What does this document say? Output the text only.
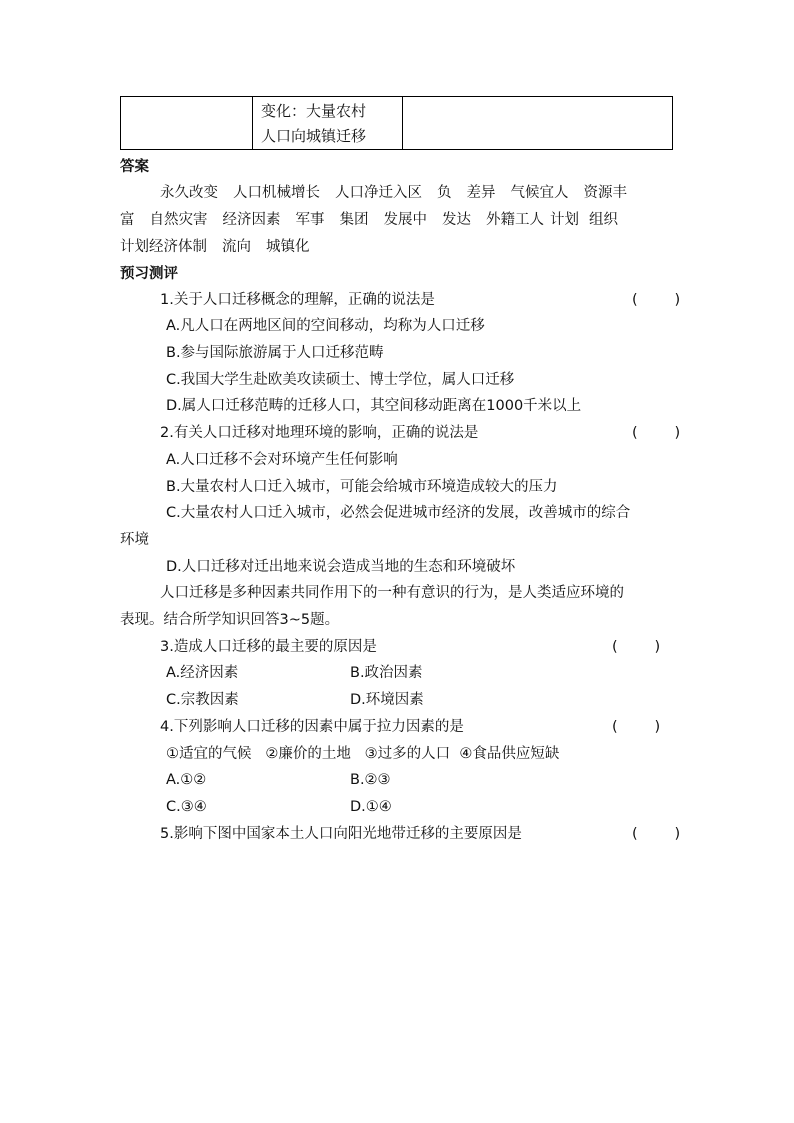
变化：大量农村
人口向城镇迁移

答案
永久改变 人口机械增长 人口净迁入区 负 差异 气候宜人 资源丰
富 自然灾害 经济因素 军事 集团 发展中 发达 外籍工人 计划 组织
计划经济体制 流向 城镇化
预习测评
1.关于人口迁移概念的理解，正确的说法是	(        )
A.凡人口在两地区间的空间移动，均称为人口迁移
B.参与国际旅游属于人口迁移范畴
C.我国大学生赴欧美攻读硕士、博士学位，属人口迁移
D.属人口迁移范畴的迁移人口，其空间移动距离在1000千米以上
2.有关人口迁移对地理环境的影响，正确的说法是	(        )
A.人口迁移不会对环境产生任何影响
B.大量农村人口迁入城市，可能会给城市环境造成较大的压力
C.大量农村人口迁入城市，必然会促进城市经济的发展，改善城市的综合
环境
D.人口迁移对迁出地来说会造成当地的生态和环境破坏
人口迁移是多种因素共同作用下的一种有意识的行为，是人类适应环境的
表现。结合所学知识回答3~5题。
3.造成人口迁移的最主要的原因是	(        )
A.经济因素	B.政治因素
C.宗教因素	D.环境因素
4.下列影响人口迁移的因素中属于拉力因素的是	(        )
①适宜的气候   ②廉价的土地   ③过多的人口  ④食品供应短缺
A.①②	B.②③
C.③④	D.①④
5.影响下图中国家本土人口向阳光地带迁移的主要原因是	(        )
